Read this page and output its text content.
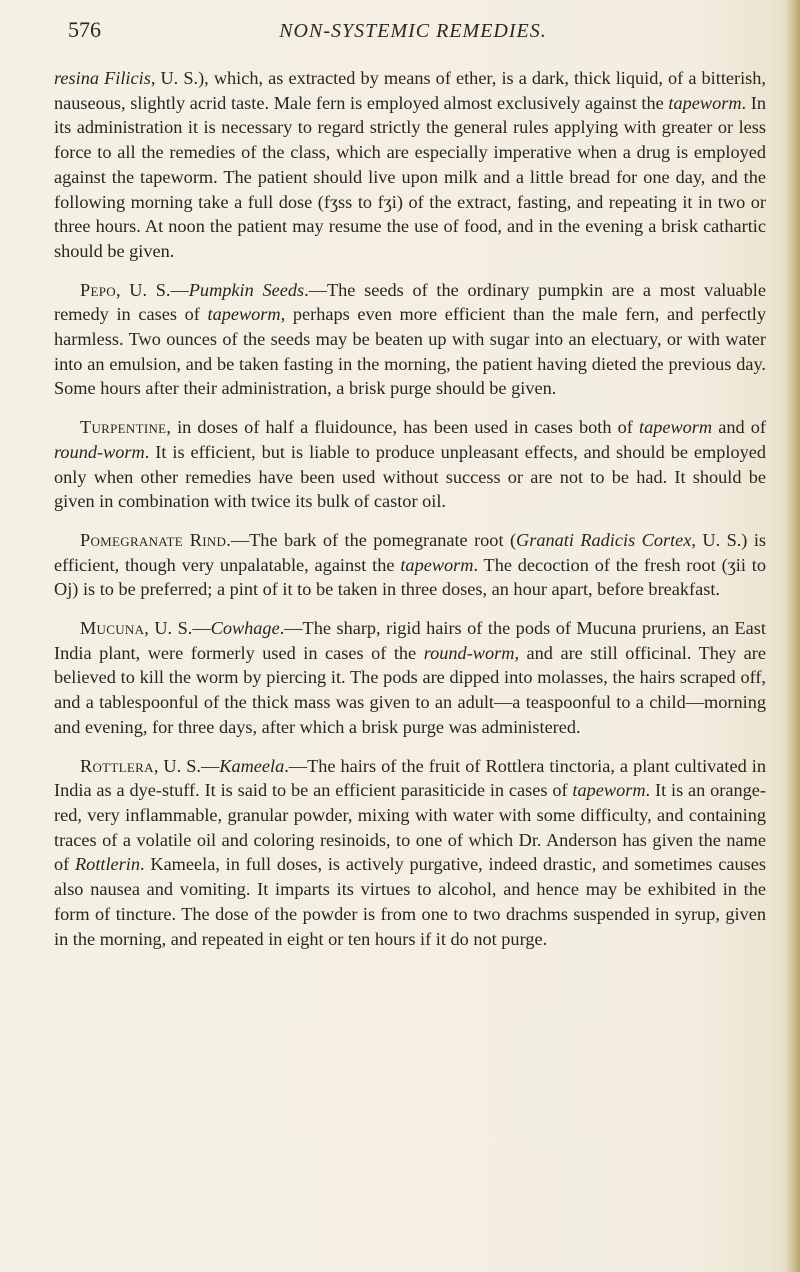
576	NON-SYSTEMIC REMEDIES.

resina Filicis, U. S.), which, as extracted by means of ether, is a dark, thick liquid, of a bitterish, nauseous, slightly acrid taste. Male fern is employed almost exclusively against the tapeworm. In its administration it is necessary to regard strictly the general rules applying with greater or less force to all the remedies of the class, which are especially imperative when a drug is employed against the tapeworm. The patient should live upon milk and a little bread for one day, and the following morning take a full dose (fʒss to fʒi) of the extract, fasting, and repeating it in two or three hours. At noon the patient may resume the use of food, and in the evening a brisk cathartic should be given.

Pepo, U. S.—Pumpkin Seeds.—The seeds of the ordinary pumpkin are a most valuable remedy in cases of tapeworm, perhaps even more efficient than the male fern, and perfectly harmless. Two ounces of the seeds may be beaten up with sugar into an electuary, or with water into an emulsion, and be taken fasting in the morning, the patient having dieted the previous day. Some hours after their administration, a brisk purge should be given.

Turpentine, in doses of half a fluidounce, has been used in cases both of tapeworm and of round-worm. It is efficient, but is liable to produce unpleasant effects, and should be employed only when other remedies have been used without success or are not to be had. It should be given in combination with twice its bulk of castor oil.

Pomegranate Rind.—The bark of the pomegranate root (Granati Radicis Cortex, U. S.) is efficient, though very unpalatable, against the tapeworm. The decoction of the fresh root (ʒii to Oj) is to be preferred; a pint of it to be taken in three doses, an hour apart, before breakfast.

Mucuna, U. S.—Cowhage.—The sharp, rigid hairs of the pods of Mucuna pruriens, an East India plant, were formerly used in cases of the round-worm, and are still officinal. They are believed to kill the worm by piercing it. The pods are dipped into molasses, the hairs scraped off, and a tablespoonful of the thick mass was given to an adult—a teaspoonful to a child—morning and evening, for three days, after which a brisk purge was administered.

Rottlera, U. S.—Kameela.—The hairs of the fruit of Rottlera tinctoria, a plant cultivated in India as a dye-stuff. It is said to be an efficient parasiticide in cases of tapeworm. It is an orange-red, very inflammable, granular powder, mixing with water with some difficulty, and containing traces of a volatile oil and coloring resinoids, to one of which Dr. Anderson has given the name of Rottlerin. Kameela, in full doses, is actively purgative, indeed drastic, and sometimes causes also nausea and vomiting. It imparts its virtues to alcohol, and hence may be exhibited in the form of tincture. The dose of the powder is from one to two drachms suspended in syrup, given in the morning, and repeated in eight or ten hours if it do not purge.
